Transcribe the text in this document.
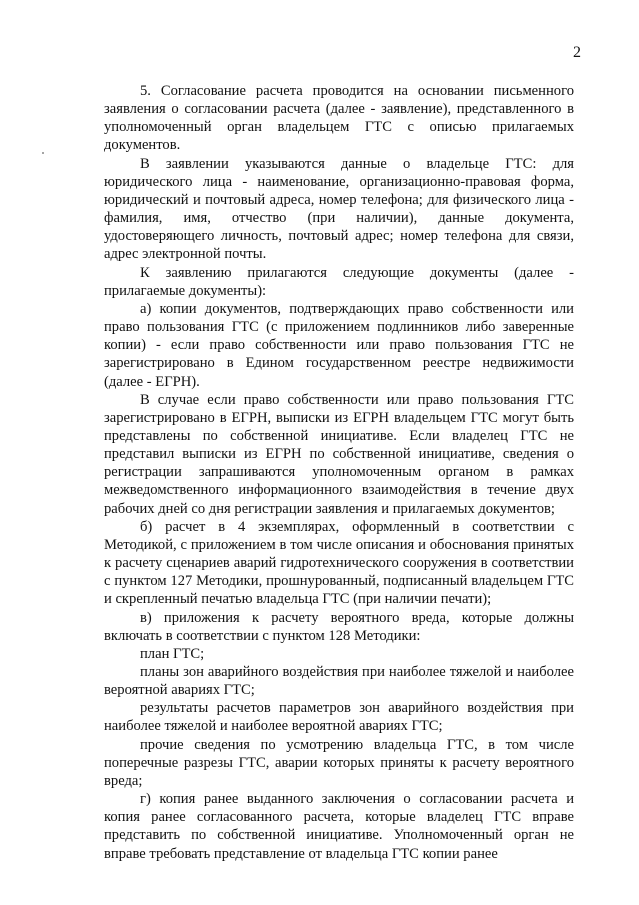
2

5. Согласование расчета проводится на основании письменного заявления о согласовании расчета (далее - заявление), представленного в уполномоченный орган владельцем ГТС с описью прилагаемых документов.

В заявлении указываются данные о владельце ГТС: для юридического лица - наименование, организационно-правовая форма, юридический и почтовый адреса, номер телефона; для физического лица - фамилия, имя, отчество (при наличии), данные документа, удостоверяющего личность, почтовый адрес; номер телефона для связи, адрес электронной почты.

К заявлению прилагаются следующие документы (далее - прилагаемые документы):

а) копии документов, подтверждающих право собственности или право пользования ГТС (с приложением подлинников либо заверенные копии) - если право собственности или право пользования ГТС не зарегистрировано в Едином государственном реестре недвижимости (далее - ЕГРН).

В случае если право собственности или право пользования ГТС зарегистрировано в ЕГРН, выписки из ЕГРН владельцем ГТС могут быть представлены по собственной инициативе. Если владелец ГТС не представил выписки из ЕГРН по собственной инициативе, сведения о регистрации запрашиваются уполномоченным органом в рамках межведомственного информационного взаимодействия в течение двух рабочих дней со дня регистрации заявления и прилагаемых документов;

б) расчет в 4 экземплярах, оформленный в соответствии с Методикой, с приложением в том числе описания и обоснования принятых к расчету сценариев аварий гидротехнического сооружения в соответствии с пунктом 127 Методики, прошнурованный, подписанный владельцем ГТС и скрепленный печатью владельца ГТС (при наличии печати);

в) приложения к расчету вероятного вреда, которые должны включать в соответствии с пунктом 128 Методики:

план ГТС;

планы зон аварийного воздействия при наиболее тяжелой и наиболее вероятной авариях ГТС;

результаты расчетов параметров зон аварийного воздействия при наиболее тяжелой и наиболее вероятной авариях ГТС;

прочие сведения по усмотрению владельца ГТС, в том числе поперечные разрезы ГТС, аварии которых приняты к расчету вероятного вреда;

г) копия ранее выданного заключения о согласовании расчета и копия ранее согласованного расчета, которые владелец ГТС вправе представить по собственной инициативе. Уполномоченный орган не вправе требовать представление от владельца ГТС копии ранее
